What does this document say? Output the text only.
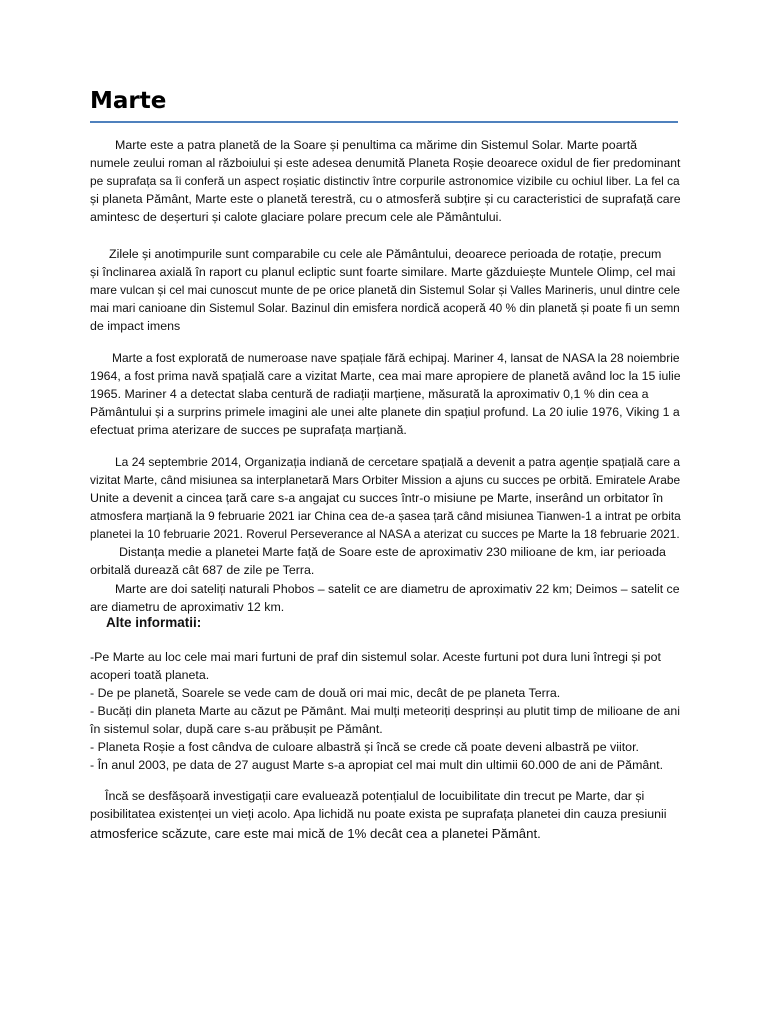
Marte
Marte este a patra planetă de la Soare și penultima ca mărime din Sistemul Solar. Marte poartă
numele zeului roman al războiului și este adesea denumită Planeta Roșie deoarece oxidul de fier predominant
pe suprafața sa îi conferă un aspect roșiatic distinctiv între corpurile astronomice vizibile cu ochiul liber. La fel ca
și planeta Pământ, Marte este o planetă terestră, cu o atmosferă subțire și cu caracteristici de suprafață care
amintesc de deșerturi și calote glaciare polare precum cele ale Pământului.
Zilele și anotimpurile sunt comparabile cu cele ale Pământului, deoarece perioada de rotație, precum
și înclinarea axială în raport cu planul ecliptic sunt foarte similare. Marte găzduiește Muntele Olimp, cel mai
mare vulcan și cel mai cunoscut munte de pe orice planetă din Sistemul Solar și Valles Marineris, unul dintre cele
mai mari canioane din Sistemul Solar. Bazinul din emisfera nordică acoperă 40 % din planetă și poate fi un semn
de impact imens
Marte a fost explorată de numeroase nave spațiale fără echipaj. Mariner 4, lansat de NASA la 28 noiembrie
1964, a fost prima navă spațială care a vizitat Marte, cea mai mare apropiere de planetă având loc la 15 iulie
1965. Mariner 4 a detectat slaba centură de radiații marțiene, măsurată la aproximativ 0,1 % din cea a
Pământului și a surprins primele imagini ale unei alte planete din spațiul profund. La 20 iulie 1976, Viking 1 a
efectuat prima aterizare de succes pe suprafața marțiană.
La 24 septembrie 2014, Organizația indiană de cercetare spațială a devenit a patra agenție spațială care a
vizitat Marte, când misiunea sa interplanetară Mars Orbiter Mission a ajuns cu succes pe orbită. Emiratele Arabe
Unite a devenit a cincea țară care s-a angajat cu succes într-o misiune pe Marte, inserând un orbitator în
atmosfera marțiană la 9 februarie 2021 iar China cea de-a șasea țară când misiunea Tianwen-1 a intrat pe orbita
planetei la 10 februarie 2021. Roverul Perseverance al NASA a aterizat cu succes pe Marte la 18 februarie 2021.
Distanța medie a planetei Marte față de Soare este de aproximativ 230 milioane de km, iar perioada
orbitală durează cât 687 de zile pe Terra.
Marte are doi sateliți naturali Phobos – satelit ce are diametru de aproximativ 22 km; Deimos – satelit ce
are diametru de aproximativ 12 km.
Alte informatii:
-Pe Marte au loc cele mai mari furtuni de praf din sistemul solar. Aceste furtuni pot dura luni întregi și pot
acoperi toată planeta.
- De pe planetă, Soarele se vede cam de două ori mai mic, decât de pe planeta Terra.
- Bucăți din planeta Marte au căzut pe Pământ. Mai mulți meteoriți desprinși au plutit timp de milioane de ani
în sistemul solar, după care s-au prăbușit pe Pământ.
- Planeta Roșie a fost cândva de culoare albastră și încă se crede că poate deveni albastră pe viitor.
- În anul 2003, pe data de 27 august Marte s-a apropiat cel mai mult din ultimii 60.000 de ani de Pământ.
Încă se desfășoară investigații care evaluează potențialul de locuibilitate din trecut pe Marte, dar și
posibilitatea existenței un vieți acolo. Apa lichidă nu poate exista pe suprafața planetei din cauza presiunii
atmosferice scăzute, care este mai mică de 1% decât cea a planetei Pământ.
